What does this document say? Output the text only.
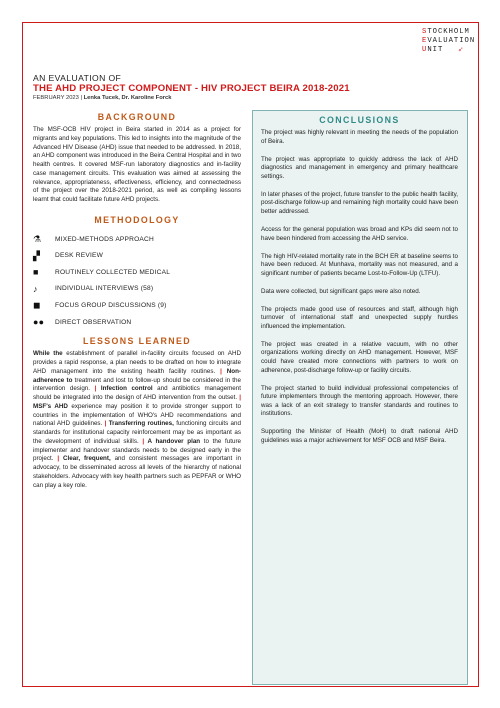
STOCKHOLM
EVALUATION
UNIT	➶
AN EVALUATION OF
THE AHD PROJECT COMPONENT - HIV PROJECT BEIRA 2018-2021
FEBRUARY 2023 | Lenka Tucek, Dr. Karoline Forck
BACKGROUND

The MSF-OCB HIV project in Beira started in 2014 as a project for migrants and key populations. This led to insights into the magnitude of the Advanced HIV Disease (AHD) issue that needed to be addressed. In 2018, an AHD component was introduced in the Beira Central Hospital and in two health centres. It covered MSF-run laboratory diagnostics and in-facility case management circuits. This evaluation was aimed at assessing the relevance, appropriateness, effectiveness, efficiency, and connectedness of the project over the 2018-2021 period, as well as compiling lessons learnt that could facilitate future AHD projects.

METHODOLOGY
⚗	MIXED-METHODS APPROACH
▞	DESK REVIEW
■	ROUTINELY COLLECTED MEDICAL
♪	INDIVIDUAL INTERVIEWS (58)
◼	FOCUS GROUP DISCUSSIONS (9)
●●	DIRECT OBSERVATION
LESSONS LEARNED

While the establishment of parallel in-facility circuits focused on AHD provides a rapid response, a plan needs to be drafted on how to integrate AHD management into the existing health facility routines. | Non-adherence to treatment and lost to follow-up should be considered in the intervention design. | Infection control and antibiotics management should be integrated into the design of AHD intervention from the outset. | MSF's AHD experience may position it to provide stronger support to countries in the implementation of WHO's AHD recommendations and national AHD guidelines. | Transferring routines, functioning circuits and standards for institutional capacity reinforcement may be as important as the development of individual skills. | A handover plan to the future implementer and handover standards needs to be designed early in the project. | Clear, frequent, and consistent messages are important in advocacy, to be disseminated across all levels of the hierarchy of national stakeholders. Advocacy with key health partners such as PEPFAR or WHO can play a key role.

CONCLUSIONS

The project was highly relevant in meeting the needs of the population of Beira.

The project was appropriate to quickly address the lack of AHD diagnostics and management in emergency and primary healthcare settings.

In later phases of the project, future transfer to the public health facility, post-discharge follow-up and remaining high mortality could have been better addressed.

Access for the general population was broad and KPs did seem not to have been hindered from accessing the AHD service.

The high HIV-related mortality rate in the BCH ER at baseline seems to have been reduced. At Munhava, mortality was not measured, and a significant number of patients became Lost-to-Follow-Up (LTFU).

Data were collected, but significant gaps were also noted.

The projects made good use of resources and staff, although high turnover of international staff and unexpected supply hurdles influenced the implementation.

The project was created in a relative vacuum, with no other organizations working directly on AHD management. However, MSF could have created more connections with partners to work on adherence, post-discharge follow-up or facility circuits.

The project started to build individual professional competencies of future implementers through the mentoring approach. However, there was a lack of an exit strategy to transfer standards and routines to institutions.

Supporting the Minister of Health (MoH) to draft national AHD guidelines was a major achievement for MSF OCB and MSF Beira.
